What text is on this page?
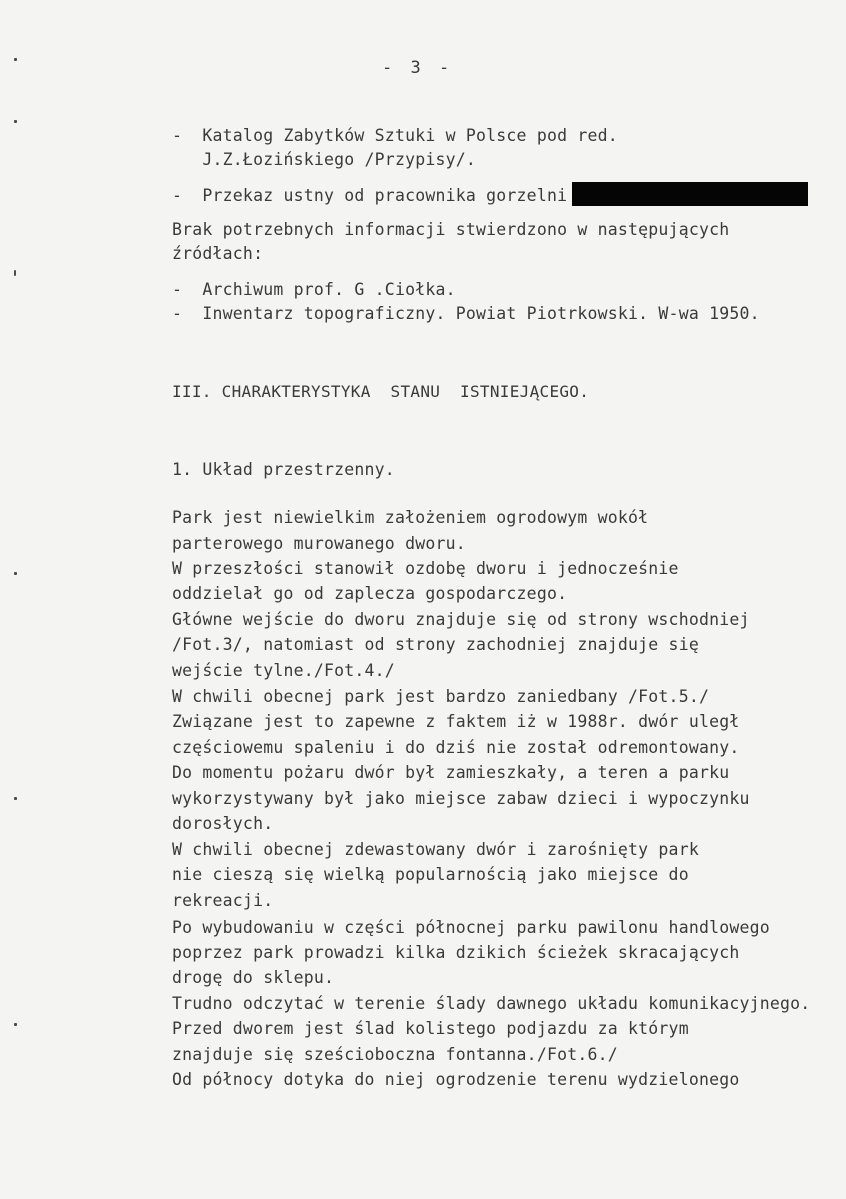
- 3 -
-  Katalog Zabytków Sztuki w Polsce pod red.
J.Z.Łozińskiego /Przypisy/.
-  Przekaz ustny od pracownika gorzelni
Brak potrzebnych informacji stwierdzono w następujących
źródłach:
-  Archiwum prof. G .Ciołka.
-  Inwentarz topograficzny. Powiat Piotrkowski. W-wa 1950.
III. CHARAKTERYSTYKA  STANU  ISTNIEJĄCEGO.
1. Układ przestrzenny.
Park jest niewielkim założeniem ogrodowym wokół
parterowego murowanego dworu.
W przeszłości stanowił ozdobę dworu i jednocześnie
oddzielał go od zaplecza gospodarczego.
Główne wejście do dworu znajduje się od strony wschodniej
/Fot.3/, natomiast od strony zachodniej znajduje się
wejście tylne./Fot.4./
W chwili obecnej park jest bardzo zaniedbany /Fot.5./
Związane jest to zapewne z faktem iż w 1988r. dwór uległ
częściowemu spaleniu i do dziś nie został odremontowany.
Do momentu pożaru dwór był zamieszkały, a teren a parku
wykorzystywany był jako miejsce zabaw dzieci i wypoczynku
dorosłych.
W chwili obecnej zdewastowany dwór i zarośnięty park
nie cieszą się wielką popularnością jako miejsce do
rekreacji.
Po wybudowaniu w części północnej parku pawilonu handlowego
poprzez park prowadzi kilka dzikich ścieżek skracających
drogę do sklepu.
Trudno odczytać w terenie ślady dawnego układu komunikacyjnego.
Przed dworem jest ślad kolistego podjazdu za którym
znajduje się sześcioboczna fontanna./Fot.6./
Od północy dotyka do niej ogrodzenie terenu wydzielonego
